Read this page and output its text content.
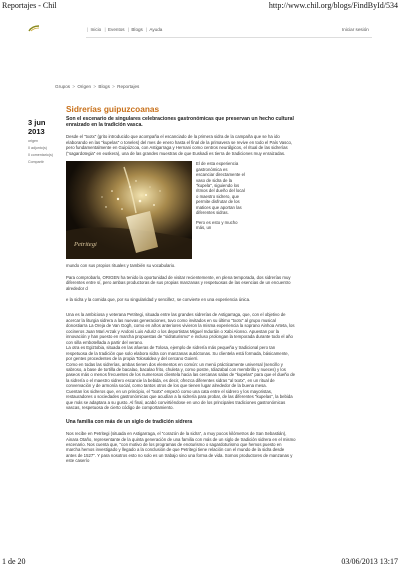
Reportajes - Chil	http://www.chil.org/blogs/FindById/534
| Inicio | Eventos | Blogs | Ayuda	Iniciar sesión
Grupos > Origen > Blogs > Reportajes
3 jun 2013
origen
0 adjunto(s)
0 comentario(s)
Compartir
Sidrerías guipuzcoanas

Son el escenario de singulares celebraciones gastronómicas que preservan un hecho cultural enraizado en la tradición vasca.

Desde el "txotx" (grito introducido que acompaña el escanciado de la primera sidra de la campaña que se ha ido elaborando en las "kupelas" o toneles) del mes de enero hasta el final de la primavera se revive en todo el País Vasco, pero fundamentalmente en Guipúzcoa, con Astigarraga y Hernani como centros neurálgicos, el ritual de las sidrerías ("sagardotegia" en euskera), una de las grandes muestras de que Euskadi es tierra de tradiciones muy enraizadas.

Petritegi
El de esta experiencia gastronómica es escanciar directamente el vaso de sidra de la "kupela", siguiendo los ritmos del dueño del local o maestro sidrero, que permite disfrutar de los matices que aportan las diferentes sidras.
Pero es esto y mucho más, un

mundo con sus propios rituales y también su vocabulario.

Para comprobarlo, ORIGEN ha tenido la oportunidad de visitar recientemente, en plena temporada, dos sidrerías muy diferentes entre sí, pero ambas productoras de sus propias manzanas y respetuosas de las esencias de un encuentro alrededor d

e la sidra y la comida que, por su singularidad y sencillez, se convierte en una experiencia única.

Una es la ambiciosa y veterana Petritegi, situada entre las grandes sidrerías de Astigarraga, que, con el objetivo de acercar la liturgia sidrera a las nuevas generaciones, tuvo como invitados en su último "txotx" al grupo musical donostiarra La Oreja de Van Gogh, como en años anteriores vivieron la misma experiencia la soprano Ainhoa Arteta, los cocineros Juan Mari Arzak y Andoni Luis Aduriz o los deportistas Miguel Induráin o Xabi Alonso. Apuestan por la innovación y han puesto en marcha propuestas de "sidraturismo" e incluso prolongan la temporada durante todo el año con silla embotellada a partir del verano.

La otra es Egiztobia, situada en las afueras de Tolosa, ejemplo de sidrería más pequeña y tradicional pero tan respetuosa de la tradición que solo elabora sidra con manzanas autóctonas. Su clientela está formada, básicamente, por gentes procedentes de la propia Tolosaldea y del cercano Goierri.

Como en todas las sidrerías, ambas tienen dos elementos en común: un menú prácticamente universal (sencillo y sabroso, a base de tortilla de bacalao, bacalao frito, chuleta y, como postre, Idiazabal con membrillo y nueces) y los paseos más o menos frecuentes de los numerosos clientela hacia las cercanas salas de "kupelas" para que el dueño de la sidrería o el maestro sidrero escancie la bebida, es decir, ofrezca diferentes sidras "al txotx", en un ritual de convervación y de armonía social, como tantos otros de los que tienen lugar alrededor de la buena mesa.

Cuentan los sidreros que, en un principio, el "txotx" empezó como una cata entre el sidrero y los mayoristas, restauradores o sociedades gastronómicas que acudían a la sidrería para probar, de las diferentes "kupelas", la bebida que más se adaptara a su gusto. Al final, acabó convirtiéndose en uno de los principales tradiciones gastronómicas vascas, respetuosa de cierto código de comportamiento.

Una familia con más de un siglo de tradición sidrera

Nos recibe en Petritegi (situada en Astigarraga, el "corazón de la sidra", a muy pocos kilómetros de San Sebastián), Ainara Otaño, representante de la quinta generación de una familia con más de un siglo de tradición sidrera en el mismo escenario. Nos cuenta que, "con motivo de los programas de enoturismo o sagardoturismo que hemos puesto en marcha hemos investigado y llegado a la conclusión de que Petritegi tiene relación con el mundo de la sidra desde antes de 1527". Y para nosotros esto no solo es un trabajo sino una forma de vida. Somos productores de manzanas y este caserío

1 de 20	03/06/2013 13:17
